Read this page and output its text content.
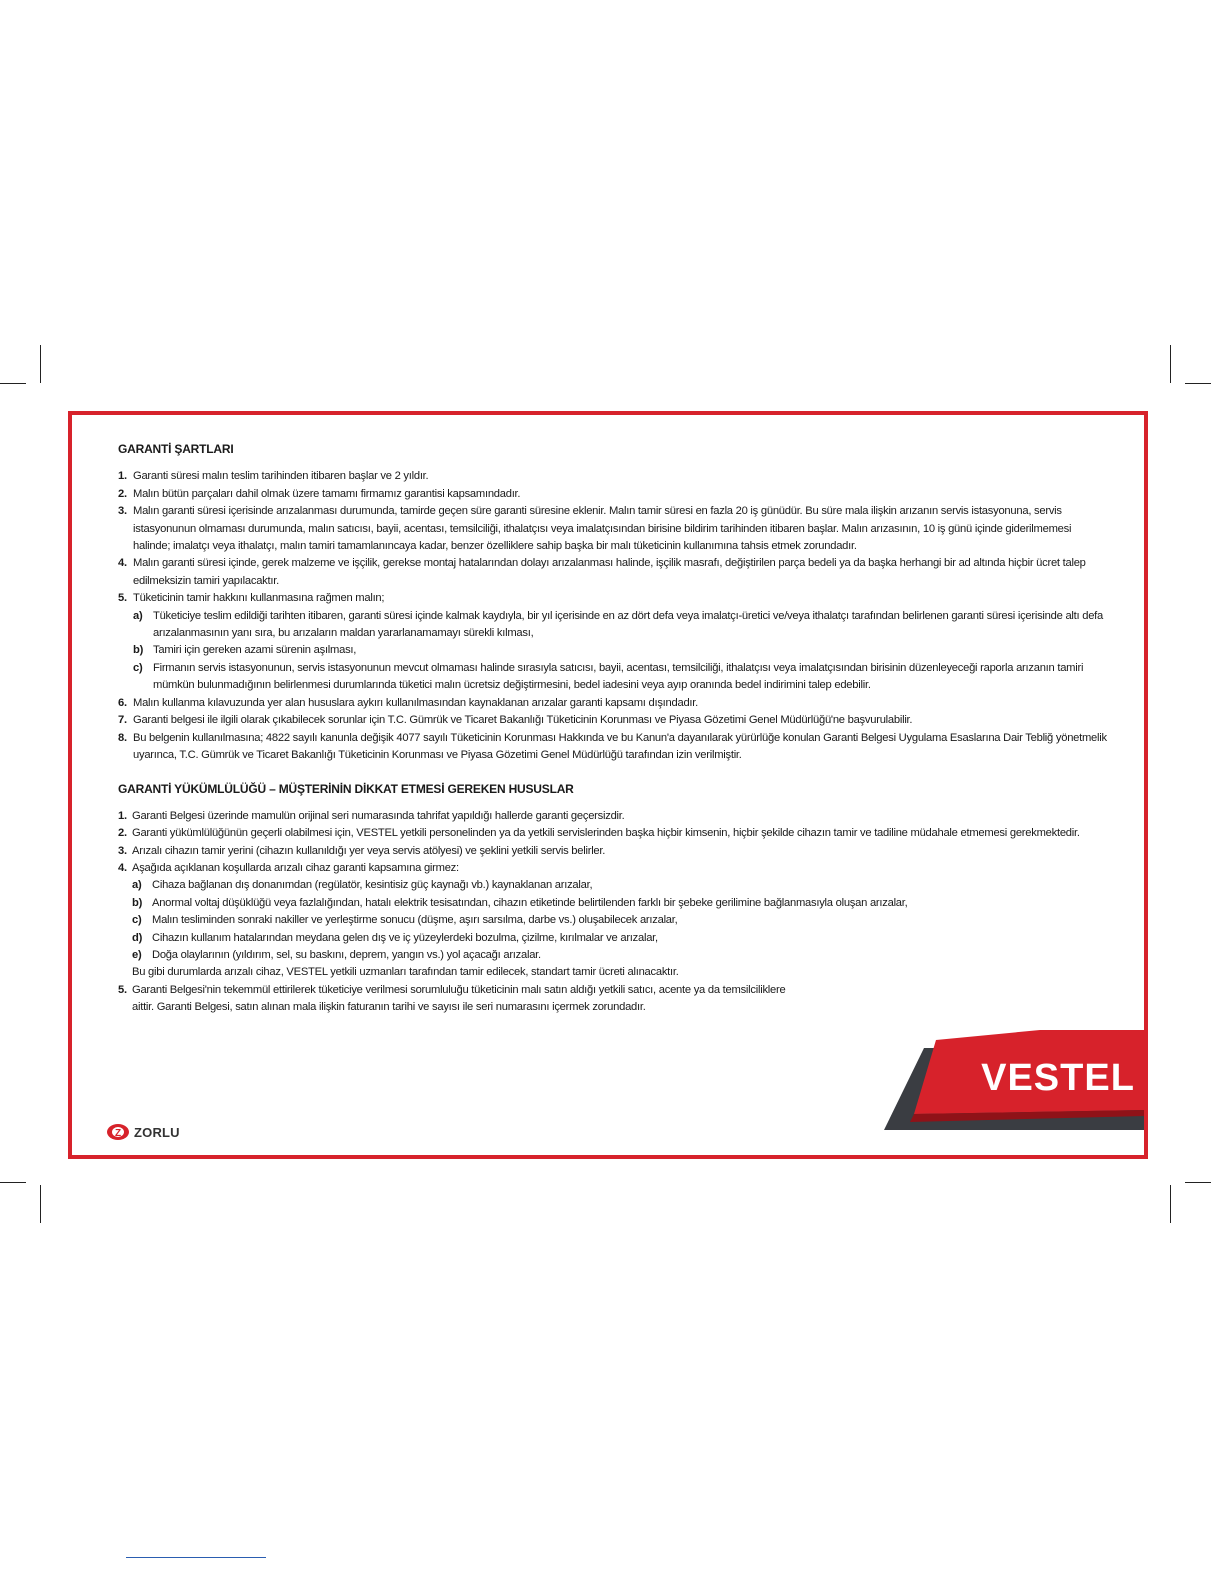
GARANTİ ŞARTLARI
1. Garanti süresi malın teslim tarihinden itibaren başlar ve 2 yıldır.
2. Malın bütün parçaları dahil olmak üzere tamamı firmamız garantisi kapsamındadır.
3. Malın garanti süresi içerisinde arızalanması durumunda, tamirde geçen süre garanti süresine eklenir. Malın tamir süresi en fazla 20 iş günüdür. Bu süre mala ilişkin arızanın servis istasyonuna, servis istasyonunun olmaması durumunda, malın satıcısı, bayii, acentası, temsilciliği, ithalatçısı veya imalatçısından birisine bildirim tarihinden itibaren başlar. Malın arızasının, 10 iş günü içinde giderilmemesi halinde; imalatçı veya ithalatçı, malın tamiri tamamlanıncaya kadar, benzer özelliklere sahip başka bir malı tüketicinin kullanımına tahsis etmek zorundadır.
4. Malın garanti süresi içinde, gerek malzeme ve işçilik, gerekse montaj hatalarından dolayı arızalanması halinde, işçilik masrafı, değiştirilen parça bedeli ya da başka herhangi bir ad altında hiçbir ücret talep edilmeksizin tamiri yapılacaktır.
5. Tüketicinin tamir hakkını kullanmasına rağmen malın;
a) Tüketiciye teslim edildiği tarihten itibaren, garanti süresi içinde kalmak kaydıyla, bir yıl içerisinde en az dört defa veya imalatçı-üretici ve/veya ithalatçı tarafından belirlenen garanti süresi içerisinde altı defa arızalanmasının yanı sıra, bu arızaların maldan yararlanamamayı sürekli kılması,
b) Tamiri için gereken azami sürenin aşılması,
c) Firmanın servis istasyonunun, servis istasyonunun mevcut olmaması halinde sırasıyla satıcısı, bayii, acentası, temsilciliği, ithalatçısı veya imalatçısından birisinin düzenleyeceği raporla arızanın tamiri mümkün bulunmadığının belirlenmesi durumlarında tüketici malın ücretsiz değiştirmesini, bedel iadesini veya ayıp oranında bedel indirimini talep edebilir.
6. Malın kullanma kılavuzunda yer alan hususlara aykırı kullanılmasından kaynaklanan arızalar garanti kapsamı dışındadır.
7. Garanti belgesi ile ilgili olarak çıkabilecek sorunlar için T.C. Gümrük ve Ticaret Bakanlığı Tüketicinin Korunması ve Piyasa Gözetimi Genel Müdürlüğü'ne başvurulabilir.
8. Bu belgenin kullanılmasına; 4822 sayılı kanunla değişik 4077 sayılı Tüketicinin Korunması Hakkında ve bu Kanun'a dayanılarak yürürlüğe konulan Garanti Belgesi Uygulama Esaslarına Dair Tebliğ yönetmelik uyarınca, T.C. Gümrük ve Ticaret Bakanlığı Tüketicinin Korunması ve Piyasa Gözetimi Genel Müdürlüğü tarafından izin verilmiştir.
GARANTİ YÜKÜMLÜLÜĞÜ – MÜŞTERİNİN DİKKAT ETMESİ GEREKEN HUSUSLAR
1. Garanti Belgesi üzerinde mamulün orijinal seri numarasında tahrifat yapıldığı hallerde garanti geçersizdir.
2. Garanti yükümlülüğünün geçerli olabilmesi için, VESTEL yetkili personelinden ya da yetkili servislerinden başka hiçbir kimsenin, hiçbir şekilde cihazın tamir ve tadiline müdahale etmemesi gerekmektedir.
3. Arızalı cihazın tamir yerini (cihazın kullanıldığı yer veya servis atölyesi) ve şeklini yetkili servis belirler.
4. Aşağıda açıklanan koşullarda arızalı cihaz garanti kapsamına girmez:
a) Cihaza bağlanan dış donanımdan (regülatör, kesintisiz güç kaynağı vb.) kaynaklanan arızalar,
b) Anormal voltaj düşüklüğü veya fazlalığından, hatalı elektrik tesisatından, cihazın etiketinde belirtilenden farklı bir şebeke gerilimine bağlanmasıyla oluşan arızalar,
c) Malın tesliminden sonraki nakiller ve yerleştirme sonucu (düşme, aşırı sarsılma, darbe vs.) oluşabilecek arızalar,
d) Cihazın kullanım hatalarından meydana gelen dış ve iç yüzeylerdeki bozulma, çizilme, kırılmalar ve arızalar,
e) Doğa olaylarının (yıldırım, sel, su baskını, deprem, yangın vs.) yol açacağı arızalar.
Bu gibi durumlarda arızalı cihaz, VESTEL yetkili uzmanları tarafından tamir edilecek, standart tamir ücreti alınacaktır.
5. Garanti Belgesi'nin tekemmül ettirilerek tüketiciye verilmesi sorumluluğu tüketicinin malı satın aldığı yetkili satıcı, acente ya da temsilciliklere aittir. Garanti Belgesi, satın alınan mala ilişkin faturanın tarihi ve sayısı ile seri numarasını içermek zorundadır.
VESTEL
Z ZORLU
